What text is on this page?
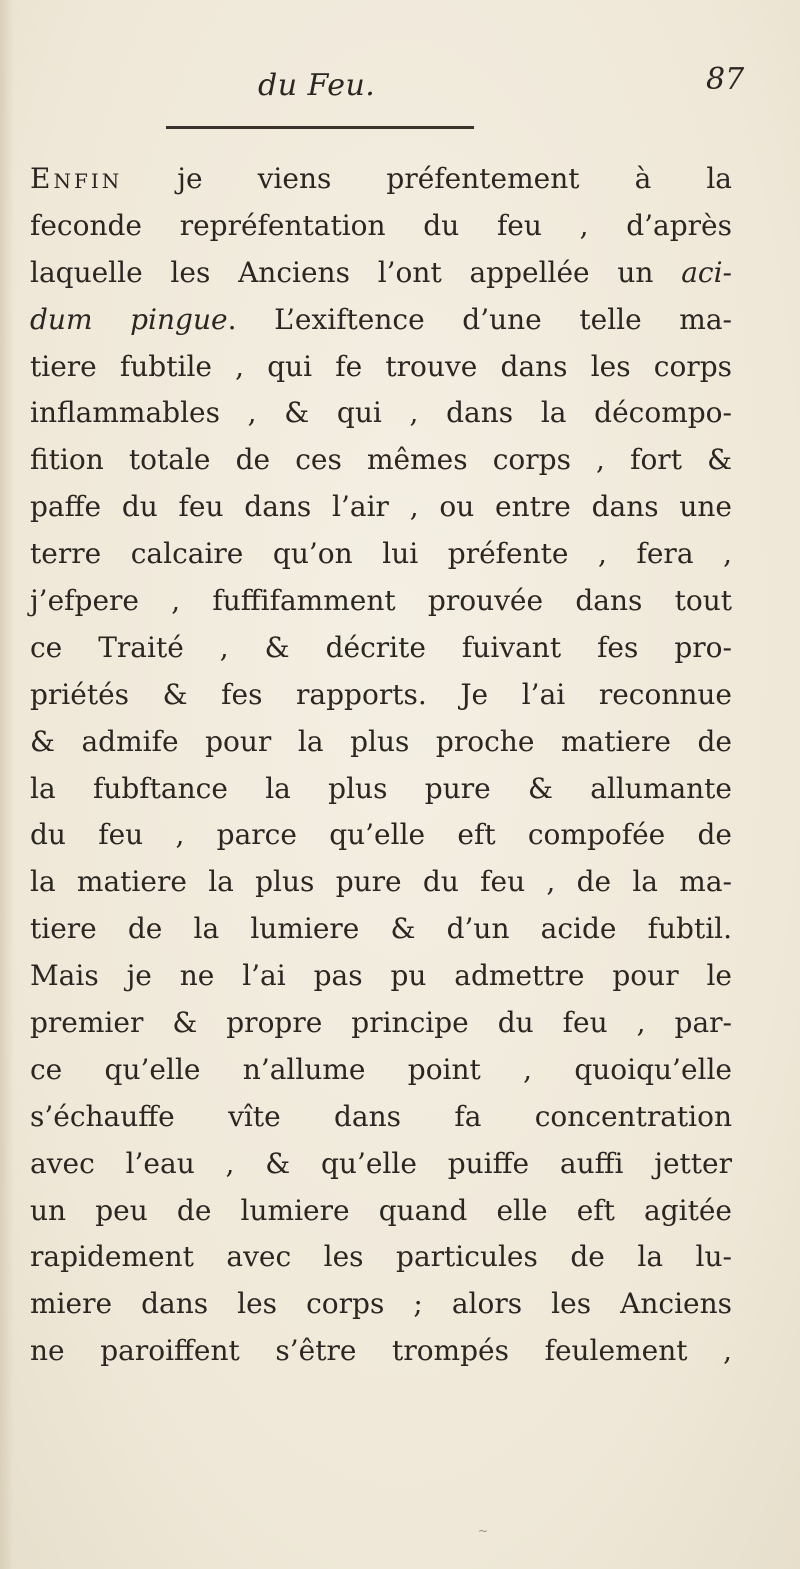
du Feu.	87
Enfin je viens préfentement à la
feconde repréfentation du feu , d’après
laquelle les Anciens l’ont appellée un aci-
dum pingue. L’exiftence d’une telle ma-
tiere fubtile , qui fe trouve dans les corps
inflammables , & qui , dans la décompo-
fition totale de ces mêmes corps , fort &
paffe du feu dans l’air , ou entre dans une
terre calcaire qu’on lui préfente , fera ,
j’efpere , fuffifamment prouvée dans tout
ce Traité , & décrite fuivant fes pro-
priétés & fes rapports. Je l’ai reconnue
& admife pour la plus proche matiere de
la fubftance la plus pure & allumante
du feu , parce qu’elle eft compofée de
la matiere la plus pure du feu , de la ma-
tiere de la lumiere & d’un acide fubtil.
Mais je ne l’ai pas pu admettre pour le
premier & propre principe du feu , par-
ce qu’elle n’allume point , quoiqu’elle
s’échauffe vîte dans fa concentration
avec l’eau , & qu’elle puiffe auffi jetter
un peu de lumiere quand elle eft agitée
rapidement avec les particules de la lu-
miere dans les corps ; alors les Anciens
ne paroiffent s’être trompés feulement ,
~
